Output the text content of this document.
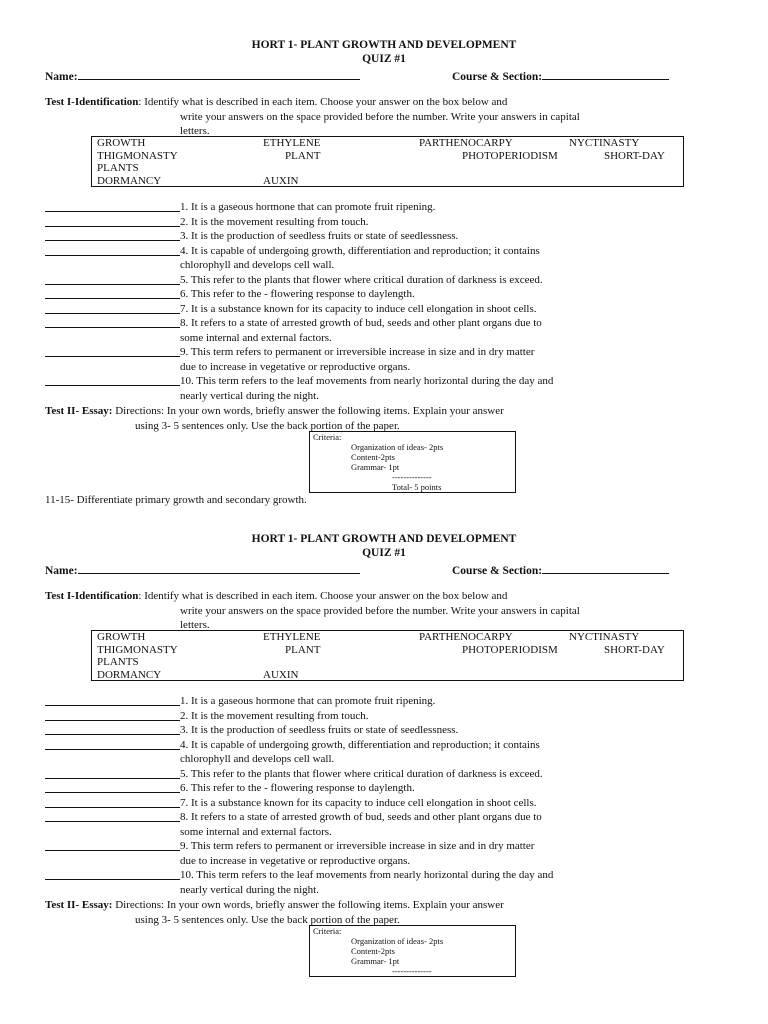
HORT 1- PLANT GROWTH AND DEVELOPMENT
QUIZ #1
Name:	Course & Section:
Test I-Identification: Identify what is described in each item. Choose your answer on the box below and
write your answers on the space provided before the number. Write your answers in capital
letters.
GROWTH	ETHYLENE	PARTHENOCARPY	NYCTINASTY
THIGMONASTY	PLANT	PHOTOPERIODISM	SHORT-DAY
PLANTS
DORMANCY	AUXIN
1. It is a gaseous hormone that can promote fruit ripening.
2. It is the movement resulting from touch.
3. It is the production of seedless fruits or state of seedlessness.
4. It is capable of undergoing growth, differentiation and reproduction; it contains
chlorophyll and develops cell wall.
5. This refer to the plants that flower where critical duration of darkness is exceed.
6. This refer to the - flowering response to daylength.
7. It is a substance known for its capacity to induce cell elongation in shoot cells.
8. It refers to a state of arrested growth of bud, seeds and other plant organs due to
some internal and external factors.
9. This term refers to permanent or irreversible increase in size and in dry matter
due to increase in vegetative or reproductive organs.
10. This term refers to the leaf movements from nearly horizontal during the day and
nearly vertical during the night.
Test II- Essay: Directions: In your own words, briefly answer the following items. Explain your answer
using 3- 5 sentences only. Use the back portion of the paper.
Criteria:
Organization of ideas- 2pts
Content-2pts
Grammar- 1pt
--------------
Total- 5 points
11-15- Differentiate primary growth and secondary growth.
HORT 1- PLANT GROWTH AND DEVELOPMENT
QUIZ #1
Name:	Course & Section:
Test I-Identification: Identify what is described in each item. Choose your answer on the box below and
write your answers on the space provided before the number. Write your answers in capital
letters.
GROWTH	ETHYLENE	PARTHENOCARPY	NYCTINASTY
THIGMONASTY	PLANT	PHOTOPERIODISM	SHORT-DAY
PLANTS
DORMANCY	AUXIN
1. It is a gaseous hormone that can promote fruit ripening.
2. It is the movement resulting from touch.
3. It is the production of seedless fruits or state of seedlessness.
4. It is capable of undergoing growth, differentiation and reproduction; it contains
chlorophyll and develops cell wall.
5. This refer to the plants that flower where critical duration of darkness is exceed.
6. This refer to the - flowering response to daylength.
7. It is a substance known for its capacity to induce cell elongation in shoot cells.
8. It refers to a state of arrested growth of bud, seeds and other plant organs due to
some internal and external factors.
9. This term refers to permanent or irreversible increase in size and in dry matter
due to increase in vegetative or reproductive organs.
10. This term refers to the leaf movements from nearly horizontal during the day and
nearly vertical during the night.
Test II- Essay: Directions: In your own words, briefly answer the following items. Explain your answer
using 3- 5 sentences only. Use the back portion of the paper.
Criteria:
Organization of ideas- 2pts
Content-2pts
Grammar- 1pt
--------------
